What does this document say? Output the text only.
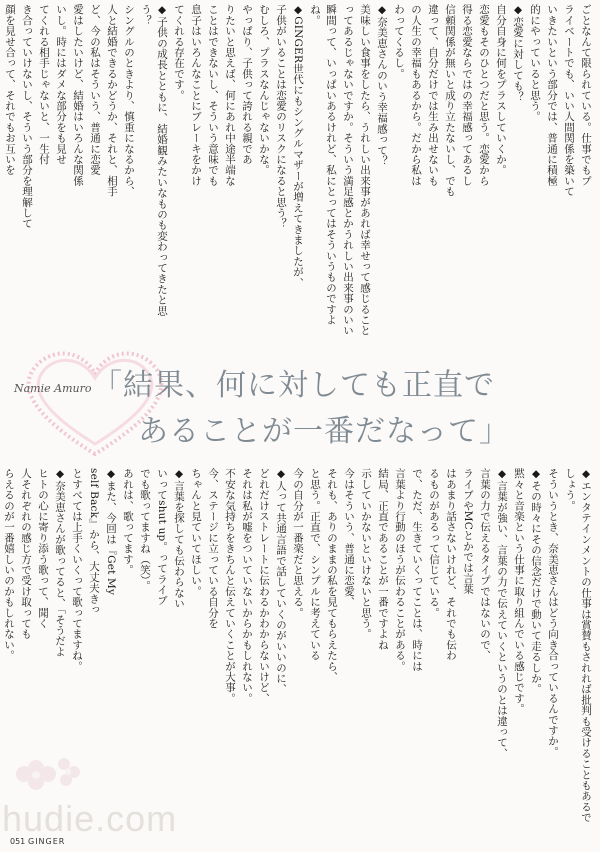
ごとなんて限られている。仕事でもプ
ライベートでも、いい人間関係を築いて
いきたいという部分では、普通に積極
的にやっていると思う。
◆恋愛に対しても？
自分自身に何をプラスしていくか。
恋愛もそのひとつだと思う。恋愛から
得る恋愛ならではの幸福感ってあるし
信頼関係が無いと成り立たないし、でも
違って、自分だけでは生み出せないも
の人生の幸福もあるから。だから私は
わってくるし。
◆奈美恵さんのいう幸福感って？
美味しい食事をしたら、うれしい出来事があれば幸せって感じること
ってあるじゃないですか。そういう満足感とかうれしい出来事のいい
瞬間って、いっぱいあるけれど、私にとってはそういうものですよね。
◆GINGER世代にもシングルマザーが増えてきましたが、
子供がいることは恋愛のリスクになると思う？
むしろ、プラスなんじゃないかな。
やっぱり、子供って誇れる親であ
りたいと思えば、何にあれ中途半端な
ことはできないし、そういう意味でも
息子はいろんなことにブレーキをかけ
てくれる存在です。
◆子供の成長とともに、結婚観みたいなものも変わってきたと思う？
シングルのときより、慎重になるから、
人と結婚できるかどうか、それと、相手
ど、今の私はそういう、普通に恋愛
愛はしたいけど、結婚はいろんな関係
いし。時にはダメな部分をも見せ
てくれる相手じゃないと、一生付
き合っていけないし、そういう部分を理解して
顔を見せ合って、それでもお互いを
Namie Amuro 「結果、何に対しても正直で
あることが一番だなって」
◆エンタテインメントの仕事は賞賛もされれば批判も受けることもあるでしょう。
そういうとき、奈美恵さんはどう向き合っているんですか。
◆その時々にその信念だけで動いて走るしか。
黙々と音楽という仕事に取り組んでいる感じです。
◆言葉が強い、言葉の力で伝えていくというのとは違って、
言葉の力で伝えるタイプではないので、
ライブやMCとかでは言葉
はあまり話さないけれど、それでも伝わ
るものがあるって信じている。
で、ただ、生きていくってことは、時には
言葉より行動のほうが伝わることがある。
結局、正直であることが一番ですよね
示していかないといけないと思う。
今はそういう、普通に恋愛、
それも、ありのままの私を見てもらえたら、
と思う。正直で、シンプルに考えている
今の自分が一番楽だと思える。
◆人って共通言語で話していくのがいいのに、
どれだけストレートに伝わるかわからないけど、
それは私が嘘をついていないからかもしれない。
不安な気持ちをきちんと伝えていくことが大事。
今、ステージに立っている自分を
ちゃんと見ていてほしい。
◆言葉を探しても伝わらない
いってshut up。ってライブ
でも歌ってますね（笑）。
あれは、歌ってます。
◆また、今回は『Get My
self Back』から、大丈夫きっ
とすべては上手くいくって歌ってますね。
◆奈美恵さんが歌ってると、「そうだよ
ヒトの心に寄り添う歌って、聞く
人それぞれの感じ方で受け取っても
らえるのが一番嬉しいのかもしれない。
hudie.com
051 GINGER
